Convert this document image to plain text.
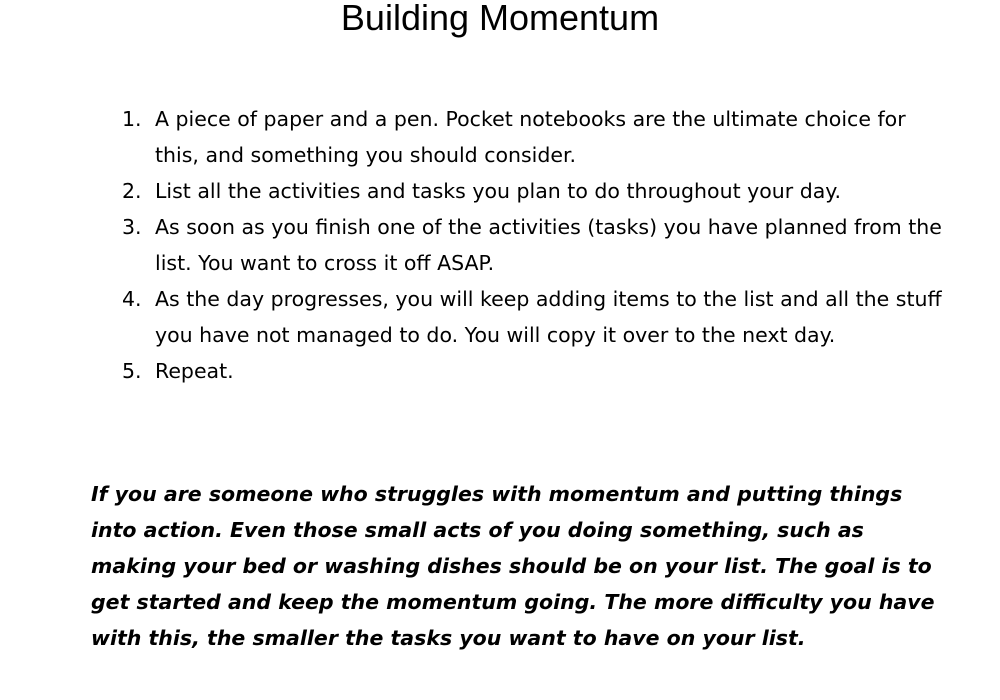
Building Momentum
1. A piece of paper and a pen. Pocket notebooks are the ultimate choice for this, and something you should consider.
2. List all the activities and tasks you plan to do throughout your day.
3. As soon as you finish one of the activities (tasks) you have planned from the list. You want to cross it off ASAP.
4. As the day progresses, you will keep adding items to the list and all the stuff you have not managed to do. You will copy it over to the next day.
5. Repeat.

If you are someone who struggles with momentum and putting things into action. Even those small acts of you doing something, such as making your bed or washing dishes should be on your list. The goal is to get started and keep the momentum going. The more difficulty you have with this, the smaller the tasks you want to have on your list.
